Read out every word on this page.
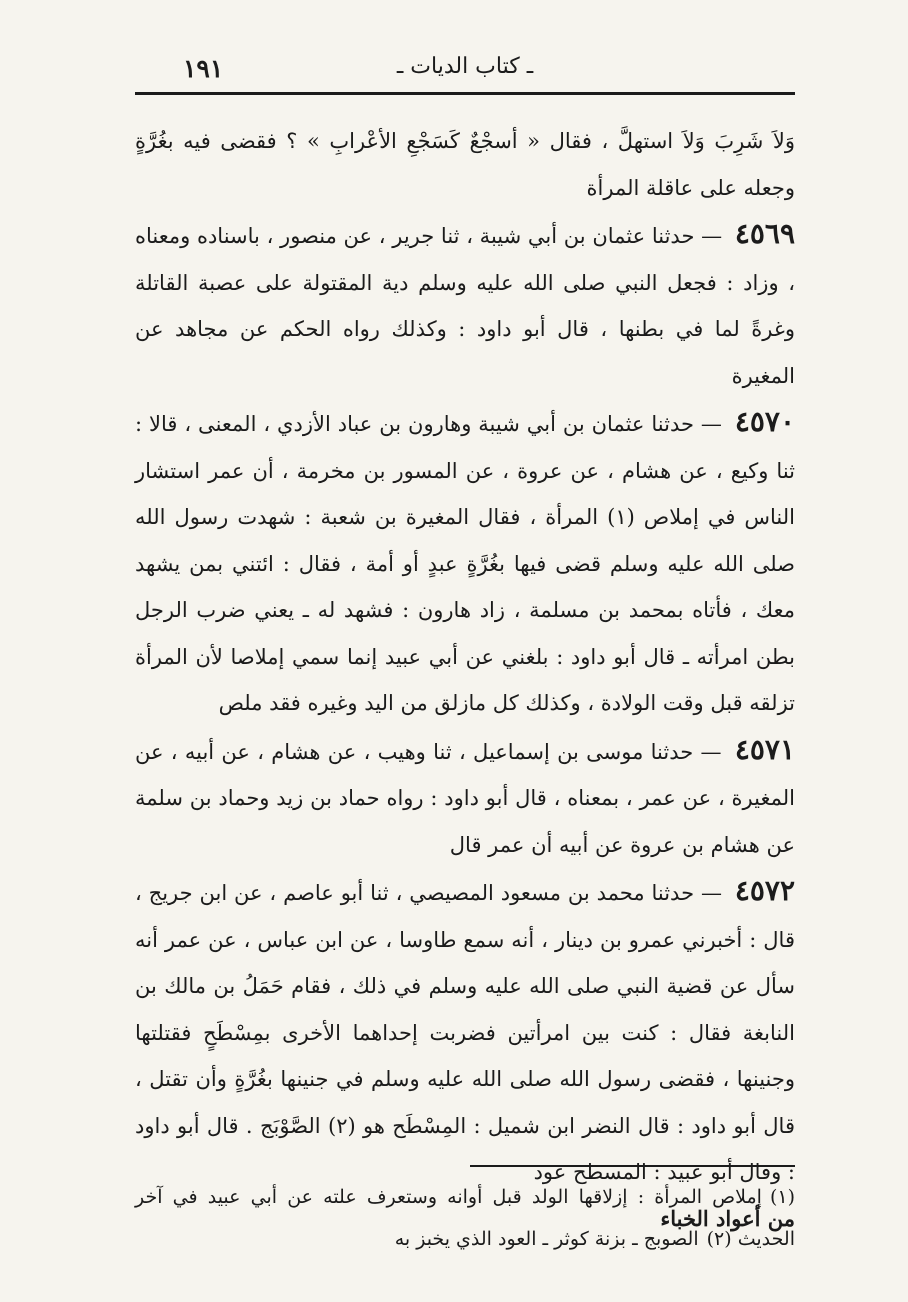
١٩١	ـ كتاب الديات ـ

وَلاَ شَرِبَ وَلاَ استهلَّ ، فقال « أسجْعٌ كَسَجْعِ الأعْرابِ » ؟ فقضى فيه بغُرَّةٍ وجعله على عاقلة المرأة

٤٥٦٩ — حدثنا عثمان بن أبي شيبة ، ثنا جرير ، عن منصور ، باسناده ومعناه ، وزاد : فجعل النبي صلى الله عليه وسلم دية المقتولة على عصبة القاتلة وغرةً لما في بطنها ، قال أبو داود : وكذلك رواه الحكم عن مجاهد عن المغيرة

٤٥٧٠ — حدثنا عثمان بن أبي شيبة وهارون بن عباد الأزدي ، المعنى ، قالا : ثنا وكيع ، عن هشام ، عن عروة ، عن المسور بن مخرمة ، أن عمر استشار الناس في إملاص (١) المرأة ، فقال المغيرة بن شعبة : شهدت رسول الله صلى الله عليه وسلم قضى فيها بغُرَّةٍ عبدٍ أو أمة ، فقال : ائتني بمن يشهد معك ، فأتاه بمحمد بن مسلمة ، زاد هارون : فشهد له ـ يعني ضرب الرجل بطن امرأته ـ قال أبو داود : بلغني عن أبي عبيد إنما سمي إملاصا لأن المرأة تزلقه قبل وقت الولادة ، وكذلك كل مازلق من اليد وغيره فقد ملص

٤٥٧١ — حدثنا موسى بن إسماعيل ، ثنا وهيب ، عن هشام ، عن أبيه ، عن المغيرة ، عن عمر ، بمعناه ، قال أبو داود : رواه حماد بن زيد وحماد بن سلمة عن هشام بن عروة عن أبيه أن عمر قال

٤٥٧٢ — حدثنا محمد بن مسعود المصيصي ، ثنا أبو عاصم ، عن ابن جريج ، قال : أخبرني عمرو بن دينار ، أنه سمع طاوسا ، عن ابن عباس ، عن عمر أنه سأل عن قضية النبي صلى الله عليه وسلم في ذلك ، فقام حَمَلُ بن مالك بن النابغة فقال : كنت بين امرأتين فضربت إحداهما الأخرى بمِسْطَحٍ فقتلتها وجنينها ، فقضى رسول الله صلى الله عليه وسلم في جنينها بغُرَّةٍ وأن تقتل ، قال أبو داود : قال النضر ابن شميل : المِسْطَح هو (٢) الصَّوْبَج . قال أبو داود : وقال أبو عبيد : المسطح عود

من أعواد الخباء

(١)إملاص المرأة : إزلاقها الولد قبل أوانه وستعرف علته عن أبي عبيد في آخر الحديث (٢)الصوبج ـ بزنة كوثر ـ العود الذي يخبز به
